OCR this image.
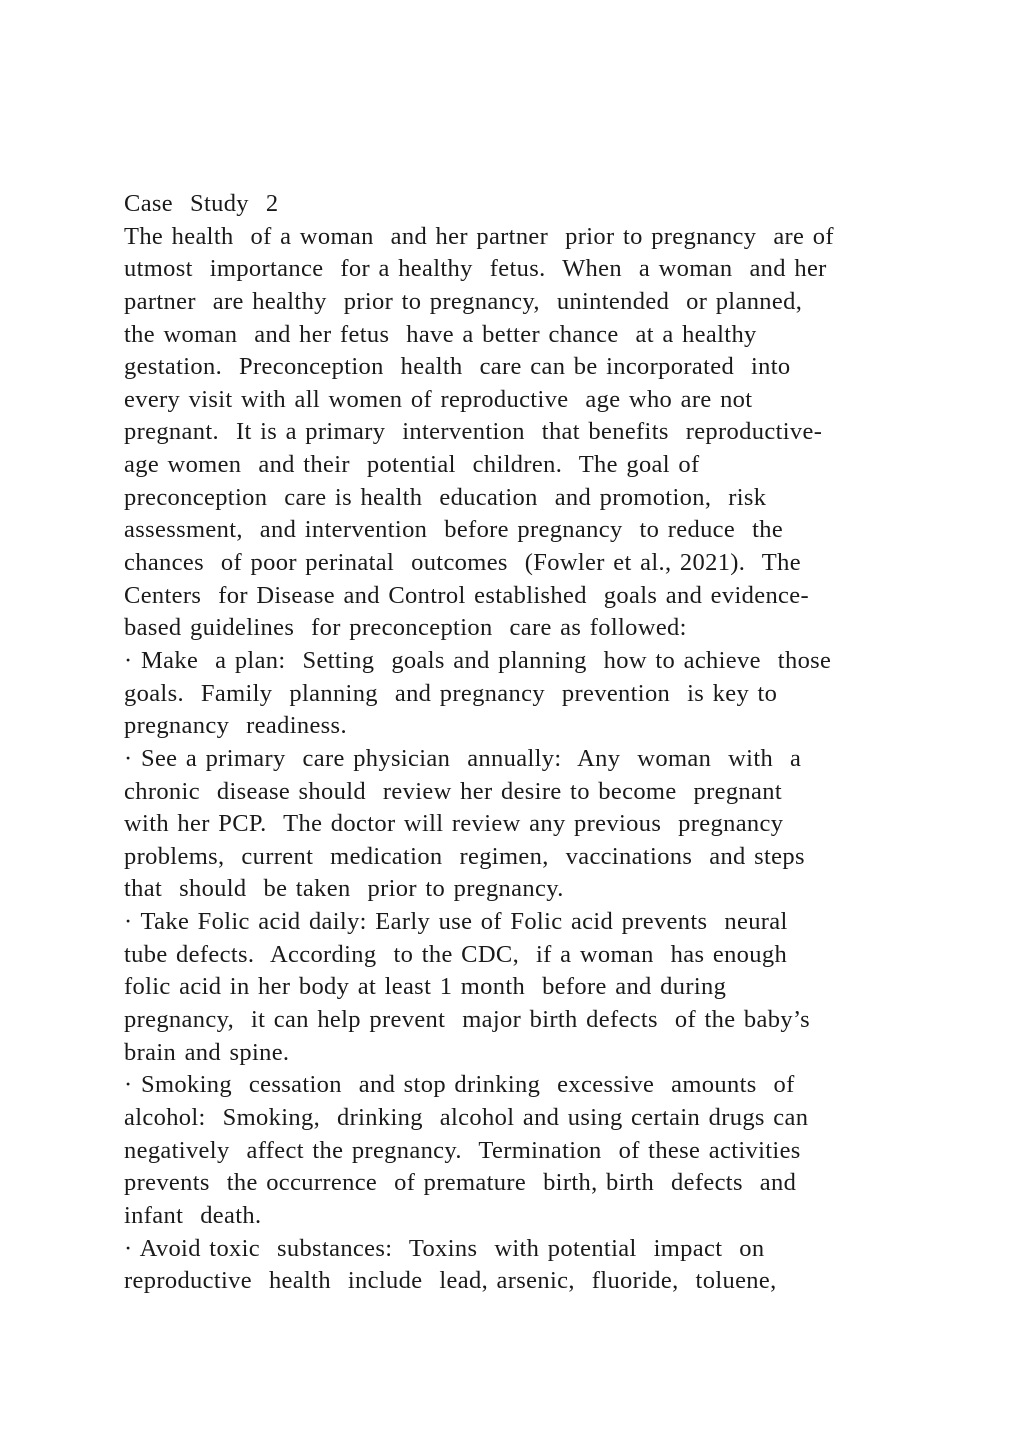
Case  Study  2
The health  of a woman  and her partner  prior to pregnancy  are of
utmost  importance  for a healthy  fetus.  When  a woman  and her
partner  are healthy  prior to pregnancy,  unintended  or planned,
the woman  and her fetus  have a better chance  at a healthy
gestation.  Preconception  health  care can be incorporated  into
every visit with all women of reproductive  age who are not
pregnant.  It is a primary  intervention  that benefits  reproductive-
age women  and their  potential  children.  The goal of
preconception  care is health  education  and promotion,  risk
assessment,  and intervention  before pregnancy  to reduce  the
chances  of poor perinatal  outcomes  (Fowler et al., 2021).  The
Centers  for Disease and Control established  goals and evidence-
based guidelines  for preconception  care as followed:
· Make  a plan:  Setting  goals and planning  how to achieve  those
goals.  Family  planning  and pregnancy  prevention  is key to
pregnancy  readiness.
· See a primary  care physician  annually:  Any  woman  with  a
chronic  disease should  review her desire to become  pregnant
with her PCP.  The doctor will review any previous  pregnancy
problems,  current  medication  regimen,  vaccinations  and steps
that  should  be taken  prior to pregnancy.
· Take Folic acid daily: Early use of Folic acid prevents  neural
tube defects.  According  to the CDC,  if a woman  has enough
folic acid in her body at least 1 month  before and during
pregnancy,  it can help prevent  major birth defects  of the baby’s
brain and spine.
· Smoking  cessation  and stop drinking  excessive  amounts  of
alcohol:  Smoking,  drinking  alcohol and using certain drugs can
negatively  affect the pregnancy.  Termination  of these activities
prevents  the occurrence  of premature  birth, birth  defects  and
infant  death.
· Avoid toxic  substances:  Toxins  with potential  impact  on
reproductive  health  include  lead, arsenic,  fluoride,  toluene,
